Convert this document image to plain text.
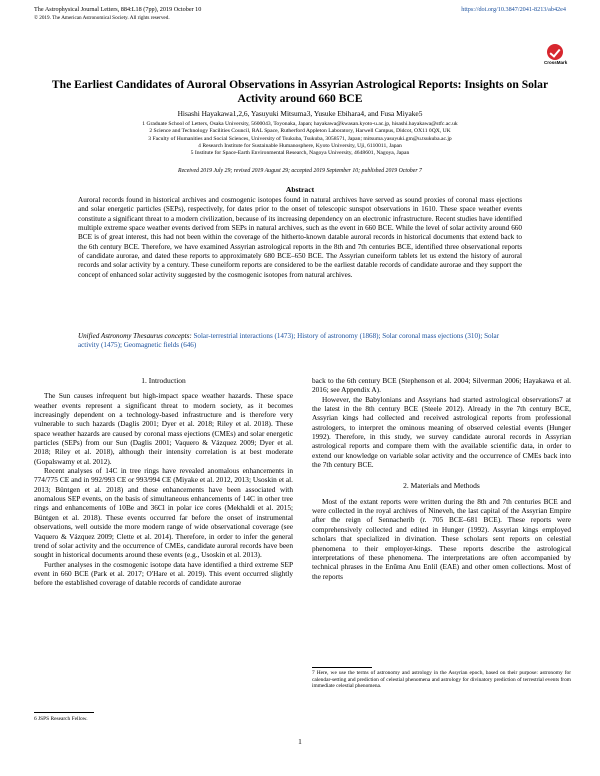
The Astrophysical Journal Letters, 884:L18 (7pp), 2019 October 10	https://doi.org/10.3847/2041-8213/ab42e4
© 2019. The American Astronomical Society. All rights reserved.
CrossMark
The Earliest Candidates of Auroral Observations in Assyrian Astrological Reports: Insights on Solar Activity around 660 BCE
Hisashi Hayakawa1,2,6, Yasuyuki Mitsuma3, Yusuke Ebihara4, and Fusa Miyake5
1 Graduate School of Letters, Osaka University, 5600043, Toyonaka, Japan; hayakawa@kwasan.kyoto-u.ac.jp, hisashi.hayakawa@stfc.ac.uk
2 Science and Technology Facilities Council, RAL Space, Rutherford Appleton Laboratory, Harwell Campus, Didcot, OX11 0QX, UK
3 Faculty of Humanities and Social Sciences, University of Tsukuba, Tsukuba, 3058571, Japan; mitsuma.yasuyuki.gm@u.tsukuba.ac.jp
4 Research Institute for Sustainable Humanosphere, Kyoto University, Uji, 6110011, Japan
5 Institute for Space-Earth Environmental Research, Nagoya University, 4648601, Nagoya, Japan
Received 2019 July 29; revised 2019 August 29; accepted 2019 September 10; published 2019 October 7
Abstract
Auroral records found in historical archives and cosmogenic isotopes found in natural archives have served as sound proxies of coronal mass ejections and solar energetic particles (SEPs), respectively, for dates prior to the onset of telescopic sunspot observations in 1610. These space weather events constitute a significant threat to a modern civilization, because of its increasing dependency on an electronic infrastructure. Recent studies have identified multiple extreme space weather events derived from SEPs in natural archives, such as the event in 660 BCE. While the level of solar activity around 660 BCE is of great interest, this had not been within the coverage of the hitherto-known datable auroral records in historical documents that extend back to the 6th century BCE. Therefore, we have examined Assyrian astrological reports in the 8th and 7th centuries BCE, identified three observational reports of candidate aurorae, and dated these reports to approximately 680 BCE–650 BCE. The Assyrian cuneiform tablets let us extend the history of auroral records and solar activity by a century. These cuneiform reports are considered to be the earliest datable records of candidate aurorae and they support the concept of enhanced solar activity suggested by the cosmogenic isotopes from natural archives.
Unified Astronomy Thesaurus concepts: Solar-terrestrial interactions (1473); History of astronomy (1868); Solar coronal mass ejections (310); Solar activity (1475); Geomagnetic fields (646)
1. Introduction

The Sun causes infrequent but high-impact space weather hazards. These space weather events represent a significant threat to modern society, as it becomes increasingly dependent on a technology-based infrastructure and is therefore very vulnerable to such hazards (Daglis 2001; Dyer et al. 2018; Riley et al. 2018). These space weather hazards are caused by coronal mass ejections (CMEs) and solar energetic particles (SEPs) from our Sun (Daglis 2001; Vaquero & Vázquez 2009; Dyer et al. 2018; Riley et al. 2018), although their intensity correlation is at best moderate (Gopalswamy et al. 2012).

Recent analyses of 14C in tree rings have revealed anomalous enhancements in 774/775 CE and in 992/993 CE or 993/994 CE (Miyake et al. 2012, 2013; Usoskin et al. 2013; Büntgen et al. 2018) and these enhancements have been associated with anomalous SEP events, on the basis of simultaneous enhancements of 14C in other tree rings and enhancements of 10Be and 36Cl in polar ice cores (Mekhaldi et al. 2015; Büntgen et al. 2018). These events occurred far before the onset of instrumental observations, well outside the more modern range of wide observational coverage (see Vaquero & Vázquez 2009; Clette et al. 2014). Therefore, in order to infer the general trend of solar activity and the occurrence of CMEs, candidate auroral records have been sought in historical documents around these events (e.g., Usoskin et al. 2013).

Further analyses in the cosmogenic isotope data have identified a third extreme SEP event in 660 BCE (Park et al. 2017; O'Hare et al. 2019). This event occurred slightly before the established coverage of datable records of candidate aurorae

back to the 6th century BCE (Stephenson et al. 2004; Silverman 2006; Hayakawa et al. 2016; see Appendix A).

However, the Babylonians and Assyrians had started astrological observations7 at the latest in the 8th century BCE (Steele 2012). Already in the 7th century BCE, Assyrian kings had collected and received astrological reports from professional astrologers, to interpret the ominous meaning of observed celestial events (Hunger 1992). Therefore, in this study, we survey candidate auroral records in Assyrian astrological reports and compare them with the available scientific data, in order to extend our knowledge on variable solar activity and the occurrence of CMEs back into the 7th century BCE.

2. Materials and Methods

Most of the extant reports were written during the 8th and 7th centuries BCE and were collected in the royal archives of Nineveh, the last capital of the Assyrian Empire after the reign of Sennacherib (r. 705 BCE–681 BCE). These reports were comprehensively collected and edited in Hunger (1992). Assyrian kings employed scholars that specialized in divination. These scholars sent reports on celestial phenomena to their employer-kings. These reports describe the astrological interpretations of these phenomena. The interpretations are often accompanied by technical phrases in the Enūma Anu Enlil (EAE) and other omen collections. Most of the reports

7 Here, we use the terms of astronomy and astrology in the Assyrian epoch, based on their purpose: astronomy for calendar-setting and prediction of celestial phenomena and astrology for divinatory prediction of terrestrial events from immediate celestial phenomena.
6 JSPS Research Fellow.
1
